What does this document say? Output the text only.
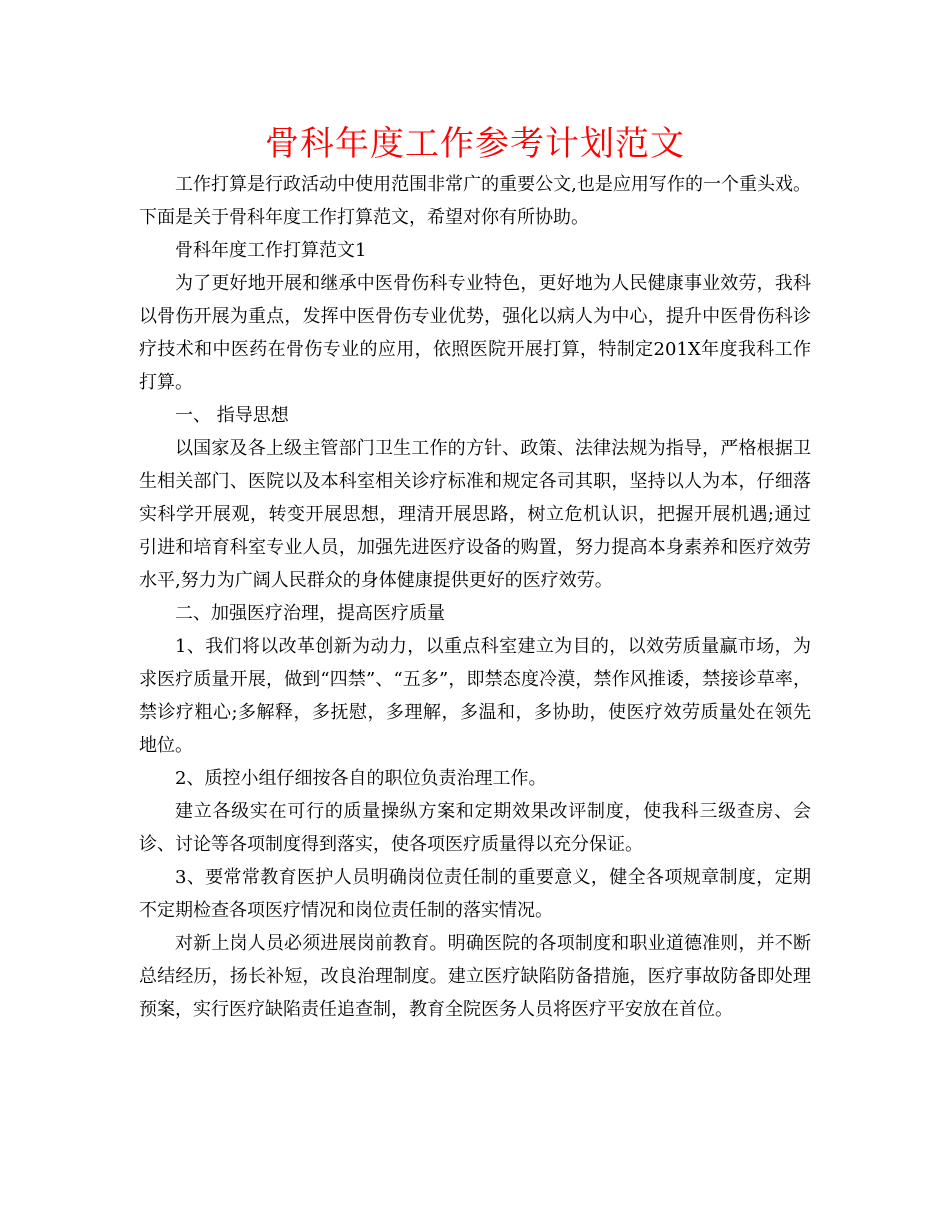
骨科年度工作参考计划范文

工作打算是行政活动中使用范围非常广的重要公文,也是应用写作的一个重头戏。下面是关于骨科年度工作打算范文，希望对你有所协助。

骨科年度工作打算范文1

为了更好地开展和继承中医骨伤科专业特色，更好地为人民健康事业效劳，我科以骨伤开展为重点，发挥中医骨伤专业优势，强化以病人为中心，提升中医骨伤科诊疗技术和中医药在骨伤专业的应用，依照医院开展打算，特制定201X年度我科工作打算。

一、 指导思想

以国家及各上级主管部门卫生工作的方针、政策、法律法规为指导，严格根据卫生相关部门、医院以及本科室相关诊疗标准和规定各司其职，坚持以人为本，仔细落实科学开展观，转变开展思想，理清开展思路，树立危机认识，把握开展机遇;通过引进和培育科室专业人员，加强先进医疗设备的购置，努力提高本身素养和医疗效劳水平,努力为广阔人民群众的身体健康提供更好的医疗效劳。

二、加强医疗治理，提高医疗质量

1、我们将以改革创新为动力，以重点科室建立为目的，以效劳质量赢市场，为求医疗质量开展，做到“四禁”、“五多”，即禁态度冷漠，禁作风推诿，禁接诊草率，禁诊疗粗心;多解释，多抚慰，多理解，多温和，多协助，使医疗效劳质量处在领先地位。

2、质控小组仔细按各自的职位负责治理工作。

建立各级实在可行的质量操纵方案和定期效果改评制度，使我科三级查房、会诊、讨论等各项制度得到落实，使各项医疗质量得以充分保证。

3、要常常教育医护人员明确岗位责任制的重要意义，健全各项规章制度，定期不定期检查各项医疗情况和岗位责任制的落实情况。

对新上岗人员必须进展岗前教育。明确医院的各项制度和职业道德准则，并不断总结经历，扬长补短，改良治理制度。建立医疗缺陷防备措施，医疗事故防备即处理预案，实行医疗缺陷责任追查制，教育全院医务人员将医疗平安放在首位。
